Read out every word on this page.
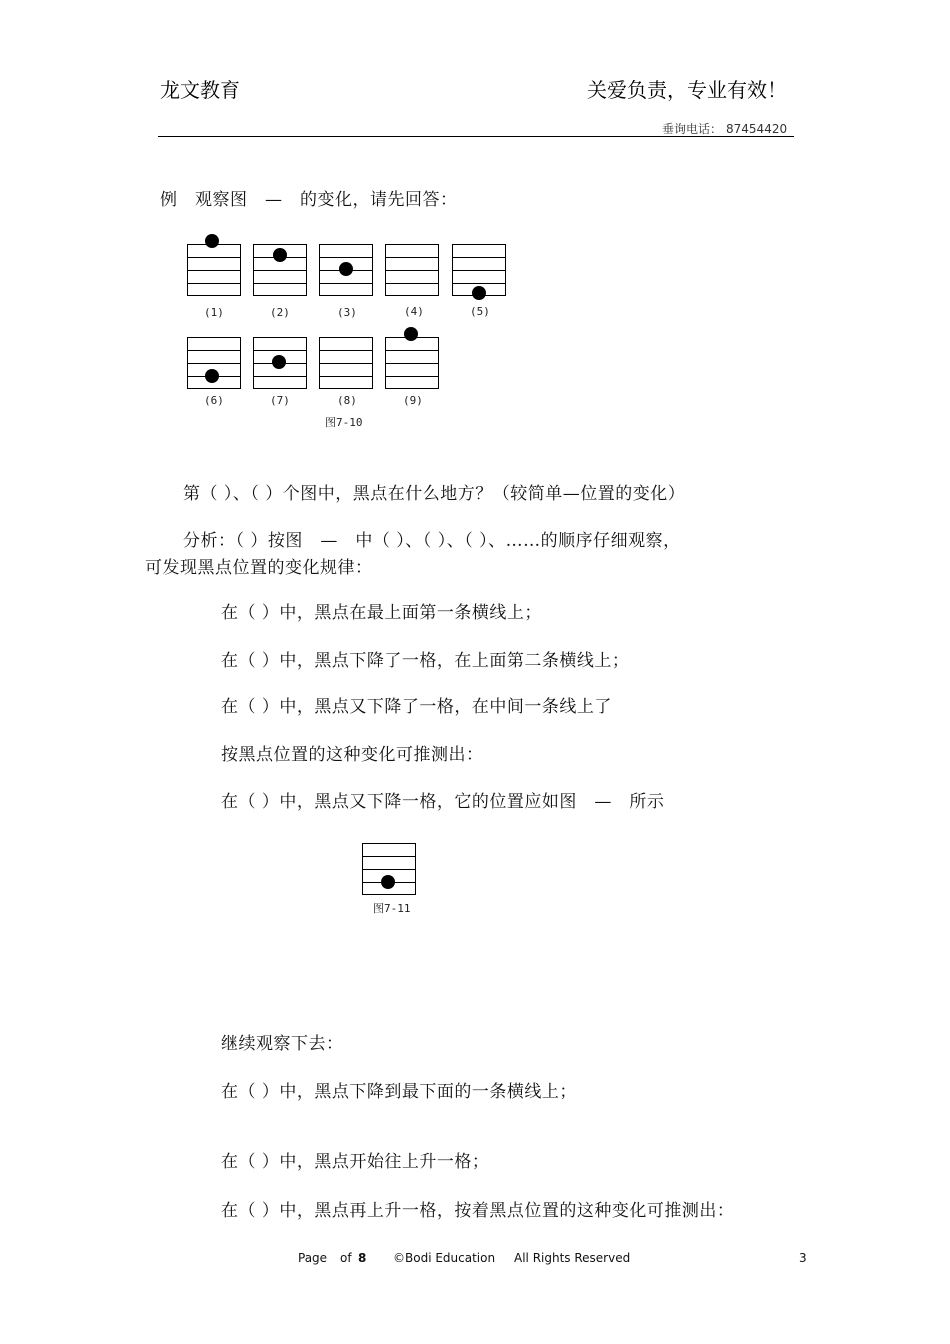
龙文教育	关爱负责，专业有效！
垂询电话： 87454420
例　观察图　—　的变化，请先回答：
(1)	(2)	(3)	(4)	(5)
(6)	(7)	(8)	(9)
图7-10
第（ ）、（ ）个图中，黑点在什么地方？（较简单—位置的变化）
分析：（ ）按图　—　中（ ）、（ ）、（ ）、……的顺序仔细观察，
可发现黑点位置的变化规律：
在（ ）中，黑点在最上面第一条横线上；
在（ ）中，黑点下降了一格，在上面第二条横线上；
在（ ）中，黑点又下降了一格，在中间一条线上了
按黑点位置的这种变化可推测出：
在（ ）中，黑点又下降一格，它的位置应如图　—　所示
图7-11
继续观察下去：
在（ ）中，黑点下降到最下面的一条横线上；
在（ ）中，黑点开始往上升一格；
在（ ）中，黑点再上升一格，按着黑点位置的这种变化可推测出：
Page of 8 ©Bodi Education All Rights Reserved	3
